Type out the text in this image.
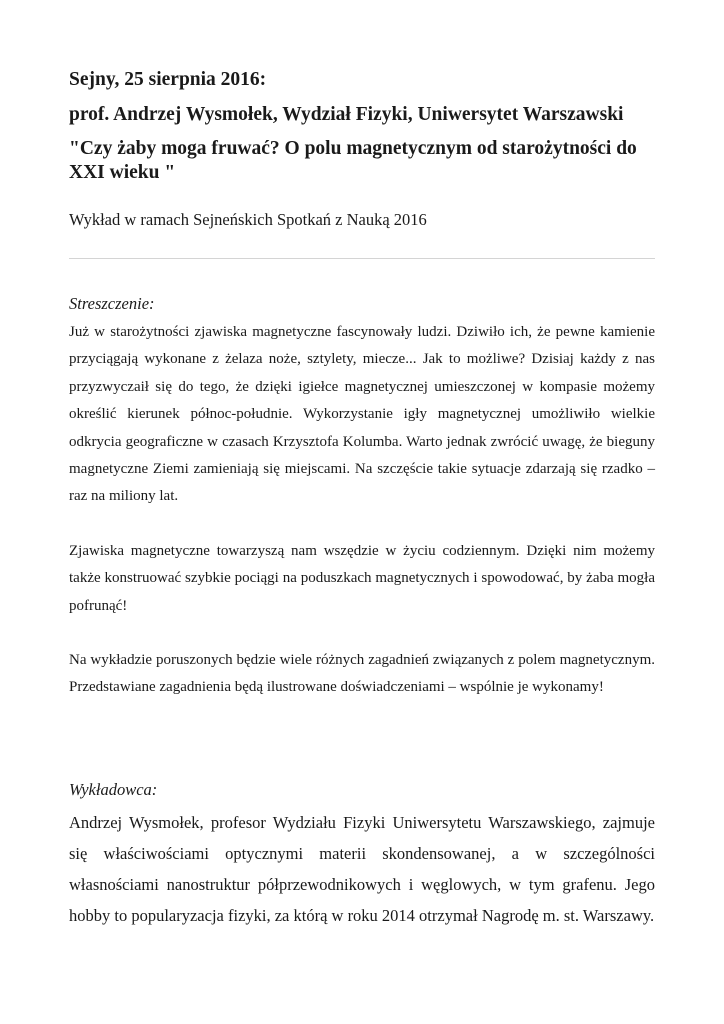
Sejny, 25 sierpnia 2016:

prof. Andrzej Wysmołek, Wydział Fizyki, Uniwersytet Warszawski

"Czy żaby moga fruwać? O polu magnetycznym od starożytności do XXI wieku "

Wykład w ramach Sejneńskich Spotkań z Nauką 2016
Streszczenie:

Już w starożytności zjawiska magnetyczne fascynowały ludzi. Dziwiło ich, że pewne kamienie przyciągają wykonane z żelaza noże, sztylety, miecze... Jak to możliwe? Dzisiaj każdy z nas przyzwyczaił się do tego, że dzięki igiełce magnetycznej umieszczonej w kompasie możemy określić kierunek północ-południe. Wykorzystanie igły magnetycznej umożliwiło wielkie odkrycia geograficzne w czasach Krzysztofa Kolumba. Warto jednak zwrócić uwagę, że bieguny magnetyczne Ziemi zamieniają się miejscami. Na szczęście takie sytuacje zdarzają się rzadko – raz na miliony lat.

Zjawiska magnetyczne towarzyszą nam wszędzie w życiu codziennym. Dzięki nim możemy także konstruować szybkie pociągi na poduszkach magnetycznych i spowodować, by żaba mogła pofrunąć!

Na wykładzie poruszonych będzie wiele różnych zagadnień związanych z polem magnetycznym. Przedstawiane zagadnienia będą ilustrowane doświadczeniami – wspólnie je wykonamy!

Wykładowca:

Andrzej Wysmołek, profesor Wydziału Fizyki Uniwersytetu Warszawskiego, zajmuje się właściwościami optycznymi materii skondensowanej, a w szczególności własnościami nanostruktur półprzewodnikowych i węglowych, w tym grafenu. Jego hobby to popularyzacja fizyki, za którą w roku 2014 otrzymał Nagrodę m. st. Warszawy.
